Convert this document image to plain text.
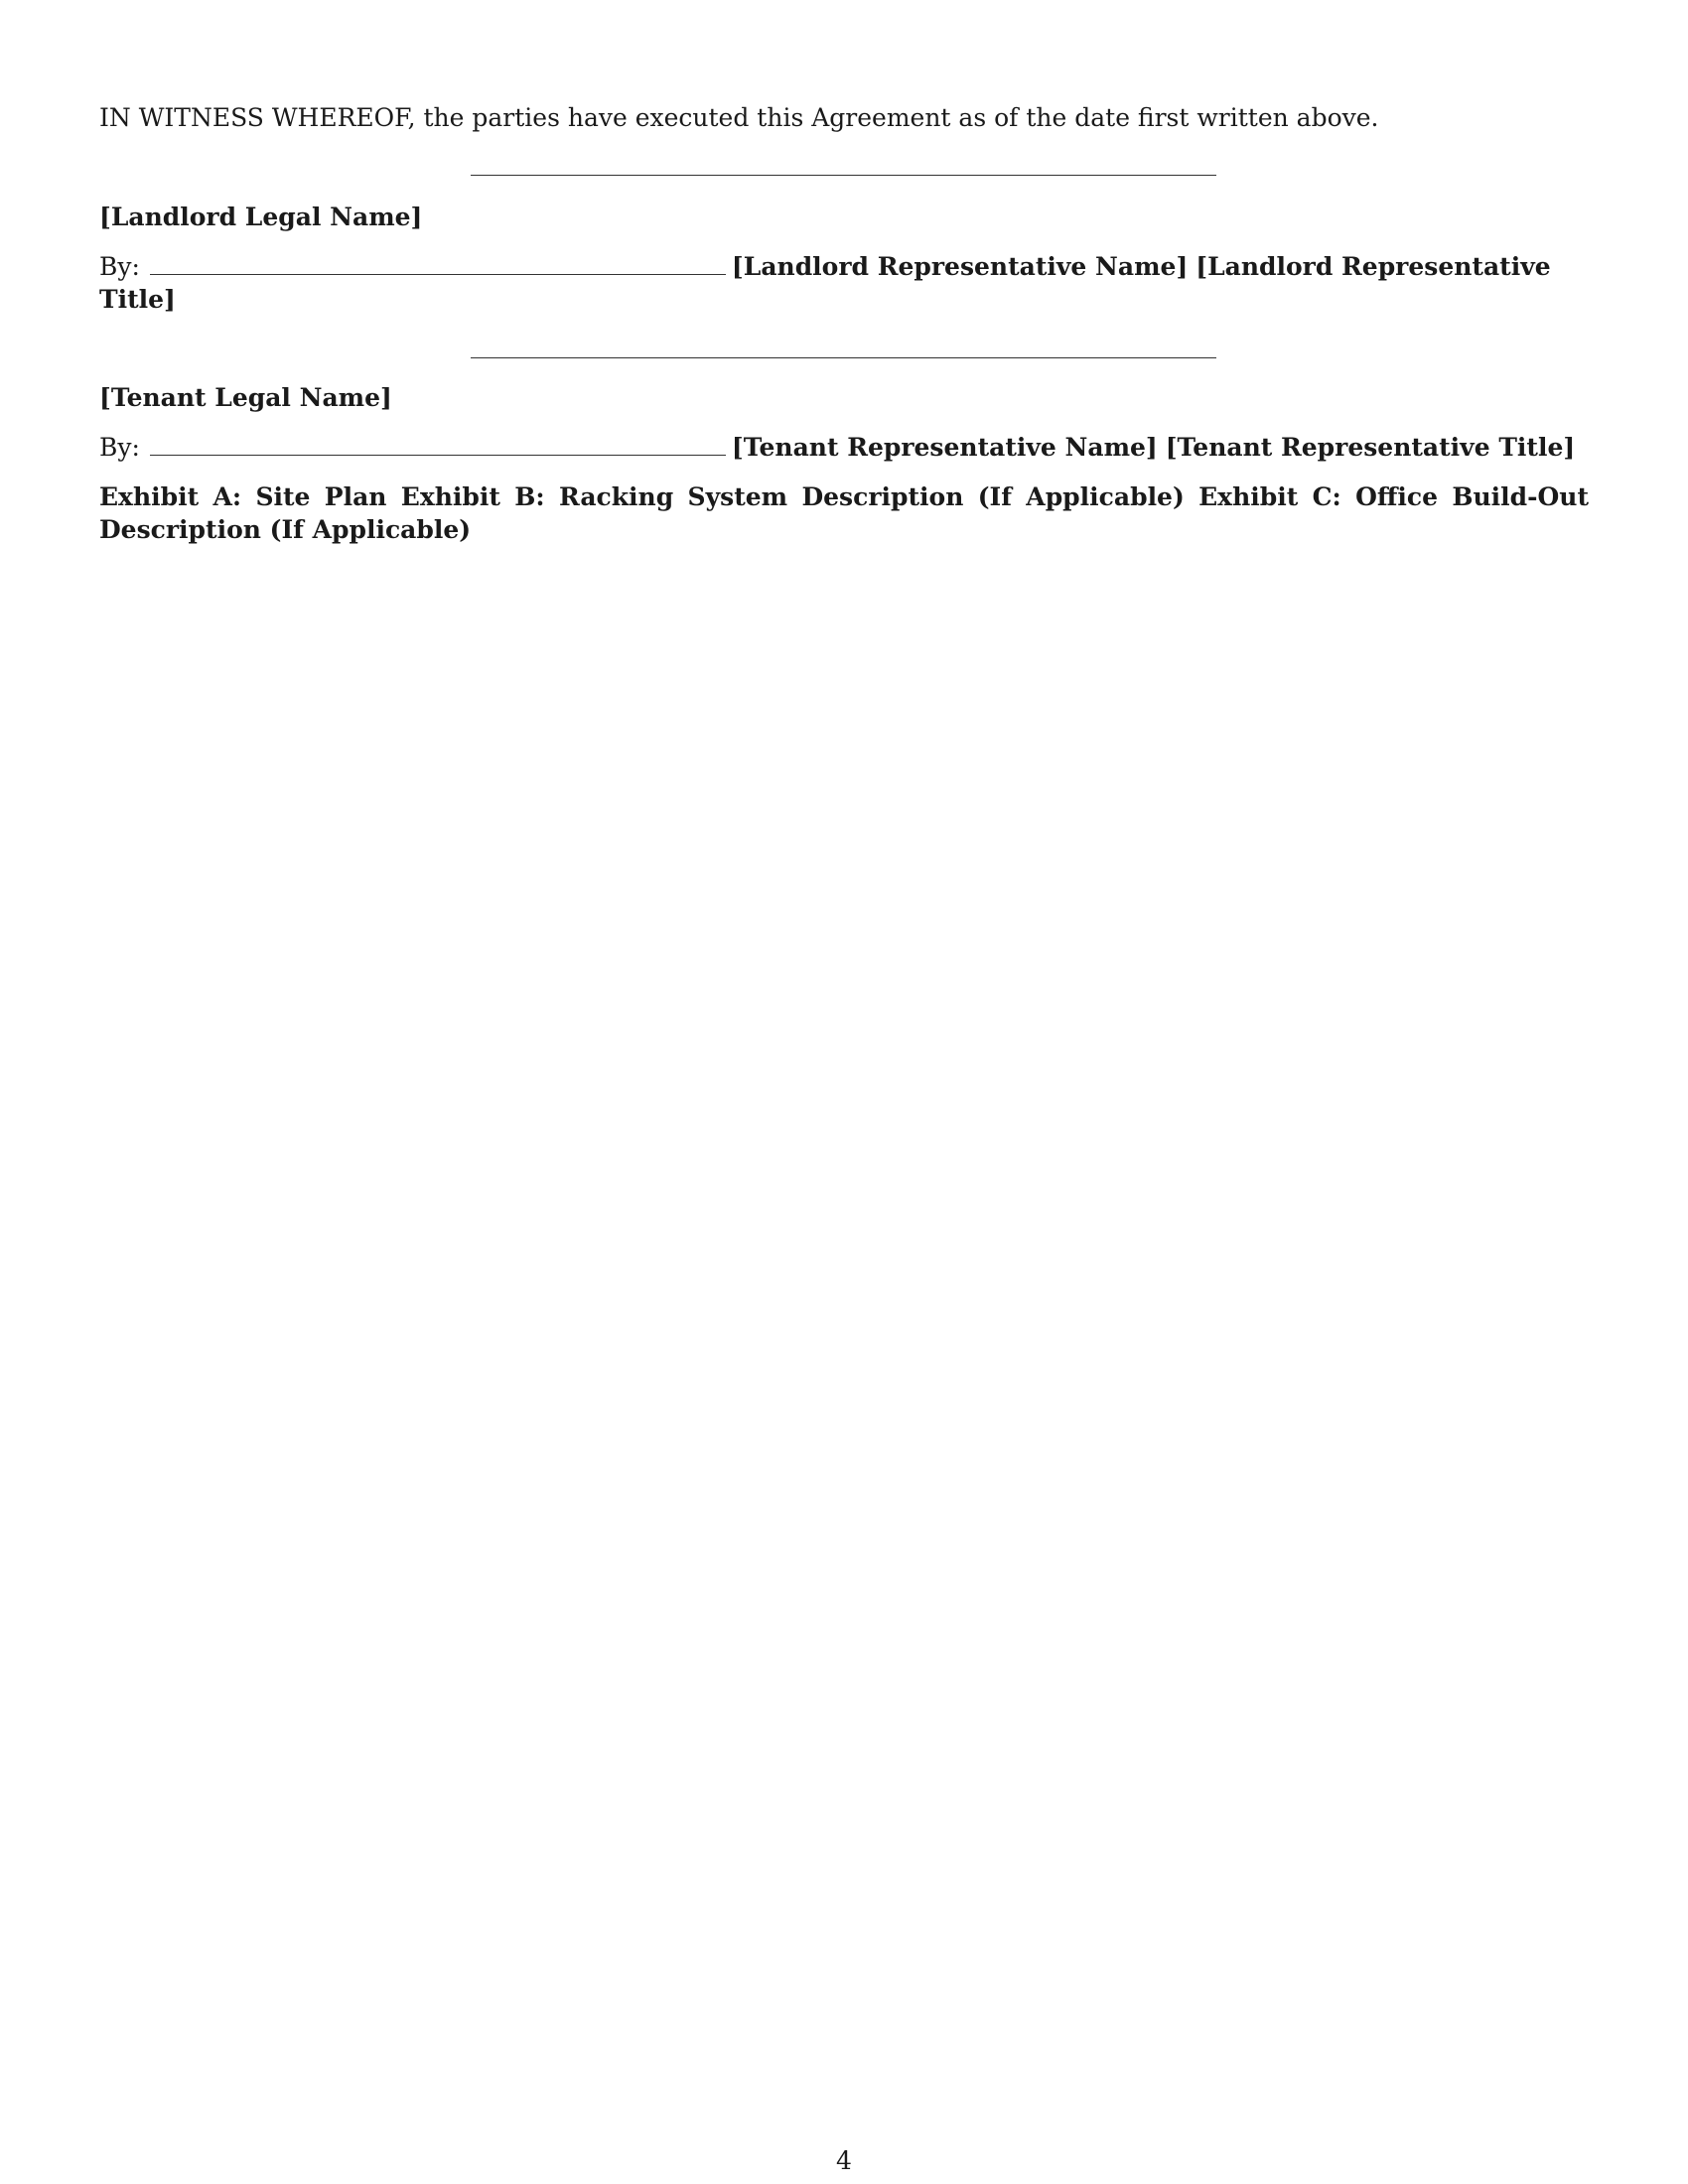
IN WITNESS WHEREOF, the parties have executed this Agreement as of the date first written above.
[Landlord Legal Name]
By:	[Landlord Representative Name] [Landlord Representative Title]
[Tenant Legal Name]
By:	[Tenant Representative Name] [Tenant Representative Title]
Exhibit A: Site Plan Exhibit B: Racking System Description (If Applicable) Exhibit C: Office Build-Out Description (If Applicable)
4
